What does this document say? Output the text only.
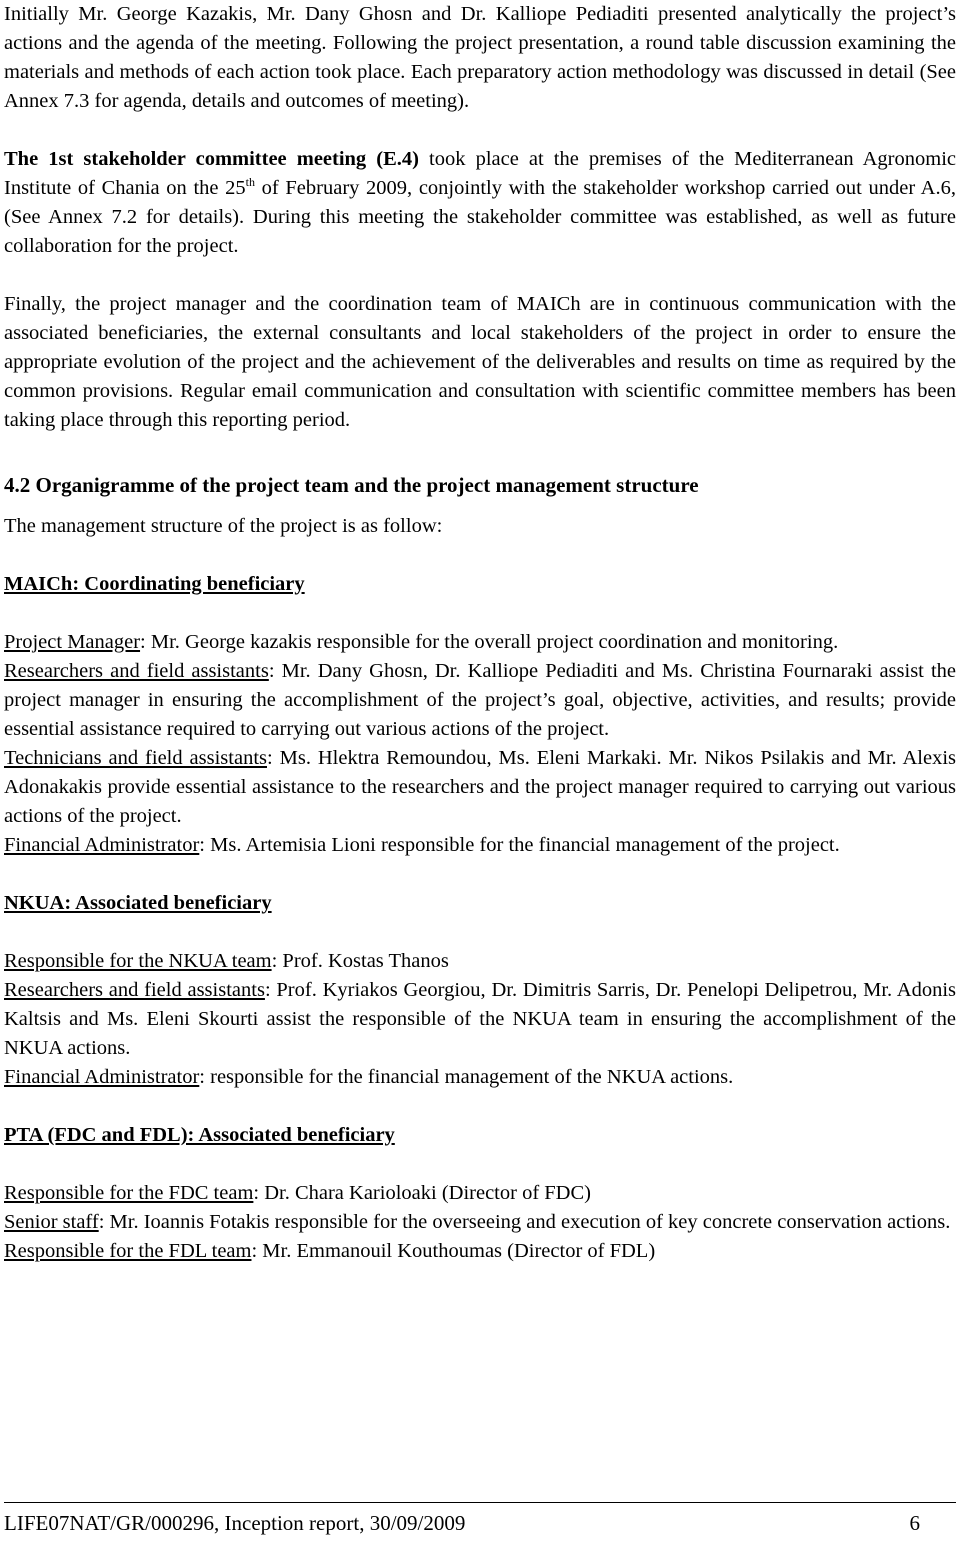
Initially Mr. George Kazakis, Mr. Dany Ghosn and Dr. Kalliope Pediaditi presented analytically the project’s actions and the agenda of the meeting. Following the project presentation, a round table discussion examining the materials and methods of each action took place. Each preparatory action methodology was discussed in detail (See Annex 7.3 for agenda, details and outcomes of meeting).

The 1st stakeholder committee meeting (E.4) took place at the premises of the Mediterranean Agronomic Institute of Chania on the 25th of February 2009, conjointly with the stakeholder workshop carried out under A.6, (See Annex 7.2 for details). During this meeting the stakeholder committee was established, as well as future collaboration for the project.

Finally, the project manager and the coordination team of MAICh are in continuous communication with the associated beneficiaries, the external consultants and local stakeholders of the project in order to ensure the appropriate evolution of the project and the achievement of the deliverables and results on time as required by the common provisions. Regular email communication and consultation with scientific committee members has been taking place through this reporting period.

4.2 Organigramme of the project team and the project management structure

The management structure of the project is as follow:

MAICh: Coordinating beneficiary

Project Manager: Mr. George kazakis responsible for the overall project coordination and monitoring.

Researchers and field assistants: Mr. Dany Ghosn, Dr. Kalliope Pediaditi and Ms. Christina Fournaraki assist the project manager in ensuring the accomplishment of the project’s goal, objective, activities, and results; provide essential assistance required to carrying out various actions of the project.

Technicians and field assistants: Ms. Hlektra Remoundou, Ms. Eleni Markaki. Mr. Nikos Psilakis and Mr. Alexis Adonakakis provide essential assistance to the researchers and the project manager required to carrying out various actions of the project.

Financial Administrator: Ms. Artemisia Lioni responsible for the financial management of the project.

NKUA: Associated beneficiary

Responsible for the NKUA team: Prof. Kostas Thanos

Researchers and field assistants: Prof. Kyriakos Georgiou, Dr. Dimitris Sarris, Dr. Penelopi Delipetrou, Mr. Adonis Kaltsis and Ms. Eleni Skourti assist the responsible of the NKUA team in ensuring the accomplishment of the NKUA actions.

Financial Administrator: responsible for the financial management of the NKUA actions.

PTA (FDC and FDL): Associated beneficiary

Responsible for the FDC team: Dr. Chara Karioloaki (Director of FDC)

Senior staff: Mr. Ioannis Fotakis responsible for the overseeing and execution of key concrete conservation actions.

Responsible for the FDL team: Mr. Emmanouil Kouthoumas (Director of FDL)

LIFE07NAT/GR/000296, Inception report, 30/09/2009	6
